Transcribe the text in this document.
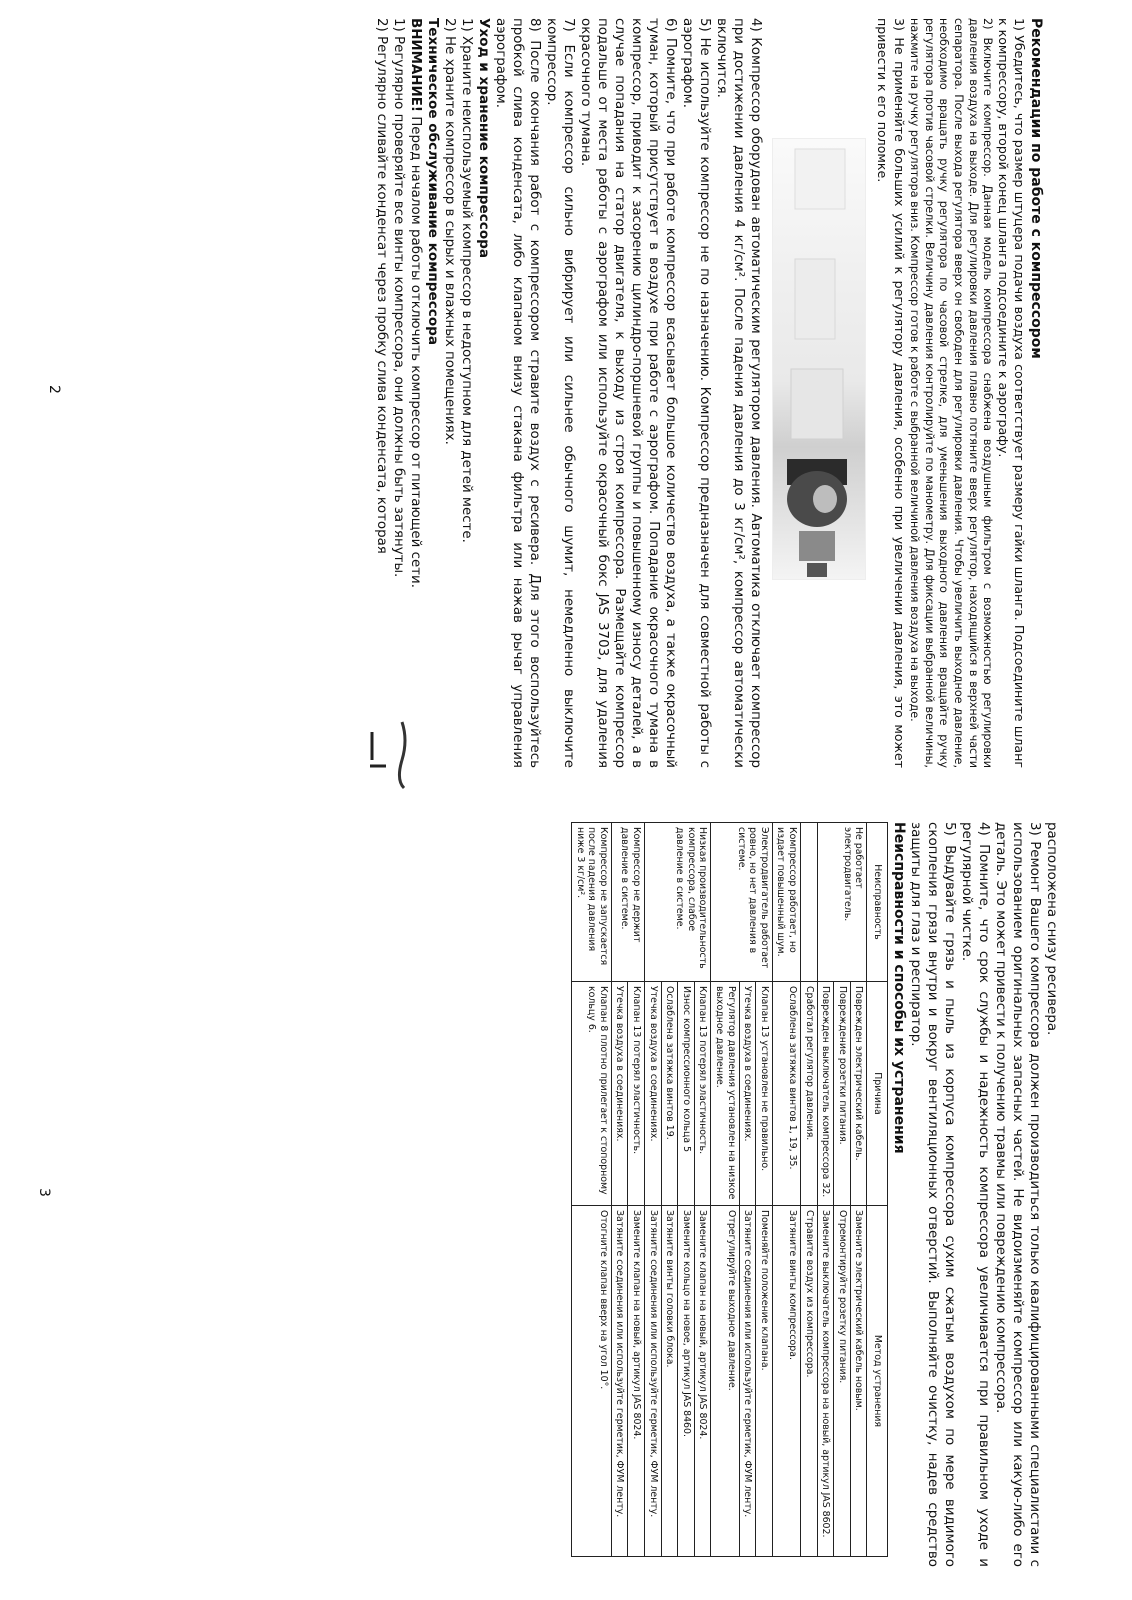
Рекомендации по работе с компрессором

1) Убедитесь, что размер штуцера подачи воздуха соответствует размеру гайки шланга. Подсоедините шланг к компрессору, второй конец шланга подсоедините к аэрографу.

2) Включите компрессор. Данная модель компрессора снабжена воздушным фильтром с возможностью регулировки давления воздуха на выходе. Для регулировки давления плавно потяните вверх регулятор, находящийся в верхней части сепаратора. После выхода регулятора вверх он свободен для регулировки давления. Чтобы увеличить выходное давление, необходимо вращать ручку регулятора по часовой стрелке, для уменьшения выходного давления вращайте ручку регулятора против часовой стрелки. Величину давления контролируйте по манометру. Для фиксации выбранной величины, нажмите на ручку регулятора вниз. Компрессор готов к работе с выбранной величиной давления воздуха на выходе.

3) Не применяйте больших усилий к регулятору давления, особенно при увеличении давления, это может привести к его поломке.

4) Компрессор оборудован автоматическим регулятором давления. Автоматика отключает компрессор при достижении давления 4 кг/см². После падения давления до 3 кг/см², компрессор автоматически включится.

5) Не используйте компрессор не по назначению. Компрессор предназначен для совместной работы с аэрографом.

6) Помните, что при работе компрессор всасывает большое количество воздуха, а также окрасочный туман, который присутствует в воздухе при работе с аэрографом. Попадание окрасочного тумана в компрессор, приводит к засорению цилиндро-поршневой группы и повышенному износу деталей, а в случае попадания на статор двигателя, к выходу из строя компрессора. Размещайте компрессор подальше от места работы с аэрографом или используйте окрасочный бокс JAS 3703, для удаления окрасочного тумана.

7) Если компрессор сильно вибрирует или сильнее обычного шумит, немедленно выключите компрессор.

8) После окончания работ с компрессором стравите воздух с ресивера. Для этого воспользуйтесь пробкой слива конденсата, либо клапаном внизу стакана фильтра или нажав рычаг управления аэрографом.

Уход и хранение компрессора

1) Храните неиспользуемый компрессор в недоступном для детей месте.

2) Не храните компрессор в сырых и влажных помещениях.

Техническое обслуживание компрессора

ВНИМАНИЕ! Перед началом работы отключить компрессор от питающей сети.

1) Регулярно проверяйте все винты компрессора, они должны быть затянуты.

2) Регулярно сливайте конденсат через пробку слива конденсата, которая

2

расположена снизу ресивера.

3) Ремонт Вашего компрессора должен производиться только квалифицированными специалистами с использованием оригинальных запасных частей. Не видоизменяйте компрессор или какую-либо его деталь. Это может привести к получению травмы или повреждению компрессора.

4) Помните, что срок службы и надежность компрессора увеличивается при правильном уходе и регулярной чистке.

5) Выдувайте грязь и пыль из корпуса компрессора сухим сжатым воздухом по мере видимого скопления грязи внутри и вокруг вентиляционных отверстий. Выполняйте очистку, надев средство защиты для глаз и респиратор.

Неисправности и способы их устранения

Неисправность	Причина	Метод устранения
Не работает электродвигатель.	Поврежден электрический кабель.	Замените электрический кабель новым.
	Повреждение розетки питания.	Отремонтируйте розетку питания.
	Поврежден выключатель компрессора 32.	Замените выключатель компрессора на новый, артикул JAS 8602.
	Сработал регулятор давления.	Стравите воздух из компрессора.
Компрессор работает, но издает повышенный шум.	Ослаблена затяжка винтов 1, 19, 35.	Затяните винты компрессора.
Электродвигатель работает ровно, но нет давления в системе.	Клапан 13 установлен не правильно.	Поменяйте положение клапана.
	Утечка воздуха в соединениях.	Затяните соединения или используйте герметик, ФУМ ленту.
	Регулятор давления установлен на низкое выходное давление.	Отрегулируйте выходное давление.
Низкая производительность компрессора, слабое давление в системе.	Клапан 13 потерял эластичность.	Замените клапан на новый, артикул JAS 8024.
	Износ компрессионного кольца 5	Замените кольцо на новое, артикул JAS 8460.
	Ослаблена затяжка винтов 19.	Затяните винты головки блока.
	Утечка воздуха в соединениях.	Затяните соединения или используйте герметик, ФУМ ленту.
Компрессор не держит давление в системе.	Клапан 13 потерял эластичность.	Замените клапан на новый, артикул JAS 8024.
	Утечка воздуха в соединениях.	Затяните соединения или используйте герметик, ФУМ ленту.
Компрессор не запускается после падения давления ниже 3 кг/см².	Клапан 8 плотно прилегает к стопорному кольцу 6.	Отогните клапан вверх на угол 10°.
3
